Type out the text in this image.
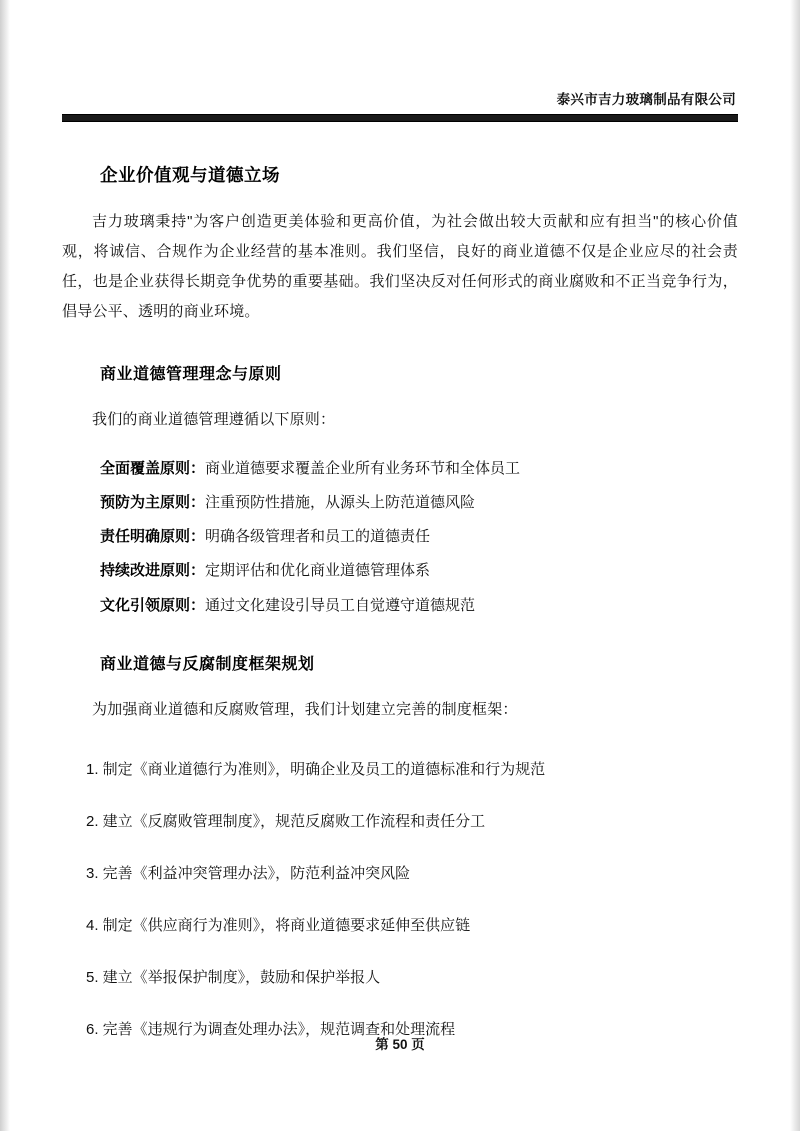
泰兴市吉力玻璃制品有限公司
企业价值观与道德立场

吉力玻璃秉持"为客户创造更美体验和更高价值，为社会做出较大贡献和应有担当"的核心价值观，将诚信、合规作为企业经营的基本准则。我们坚信，良好的商业道德不仅是企业应尽的社会责任，也是企业获得长期竞争优势的重要基础。我们坚决反对任何形式的商业腐败和不正当竞争行为，倡导公平、透明的商业环境。

商业道德管理理念与原则

我们的商业道德管理遵循以下原则：

全面覆盖原则：商业道德要求覆盖企业所有业务环节和全体员工
预防为主原则：注重预防性措施，从源头上防范道德风险
责任明确原则：明确各级管理者和员工的道德责任
持续改进原则：定期评估和优化商业道德管理体系
文化引领原则：通过文化建设引导员工自觉遵守道德规范
商业道德与反腐制度框架规划

为加强商业道德和反腐败管理，我们计划建立完善的制度框架：

1. 制定《商业道德行为准则》，明确企业及员工的道德标准和行为规范
2. 建立《反腐败管理制度》，规范反腐败工作流程和责任分工
3. 完善《利益冲突管理办法》，防范利益冲突风险
4. 制定《供应商行为准则》，将商业道德要求延伸至供应链
5. 建立《举报保护制度》，鼓励和保护举报人
6. 完善《违规行为调查处理办法》，规范调查和处理流程
第 50 页
